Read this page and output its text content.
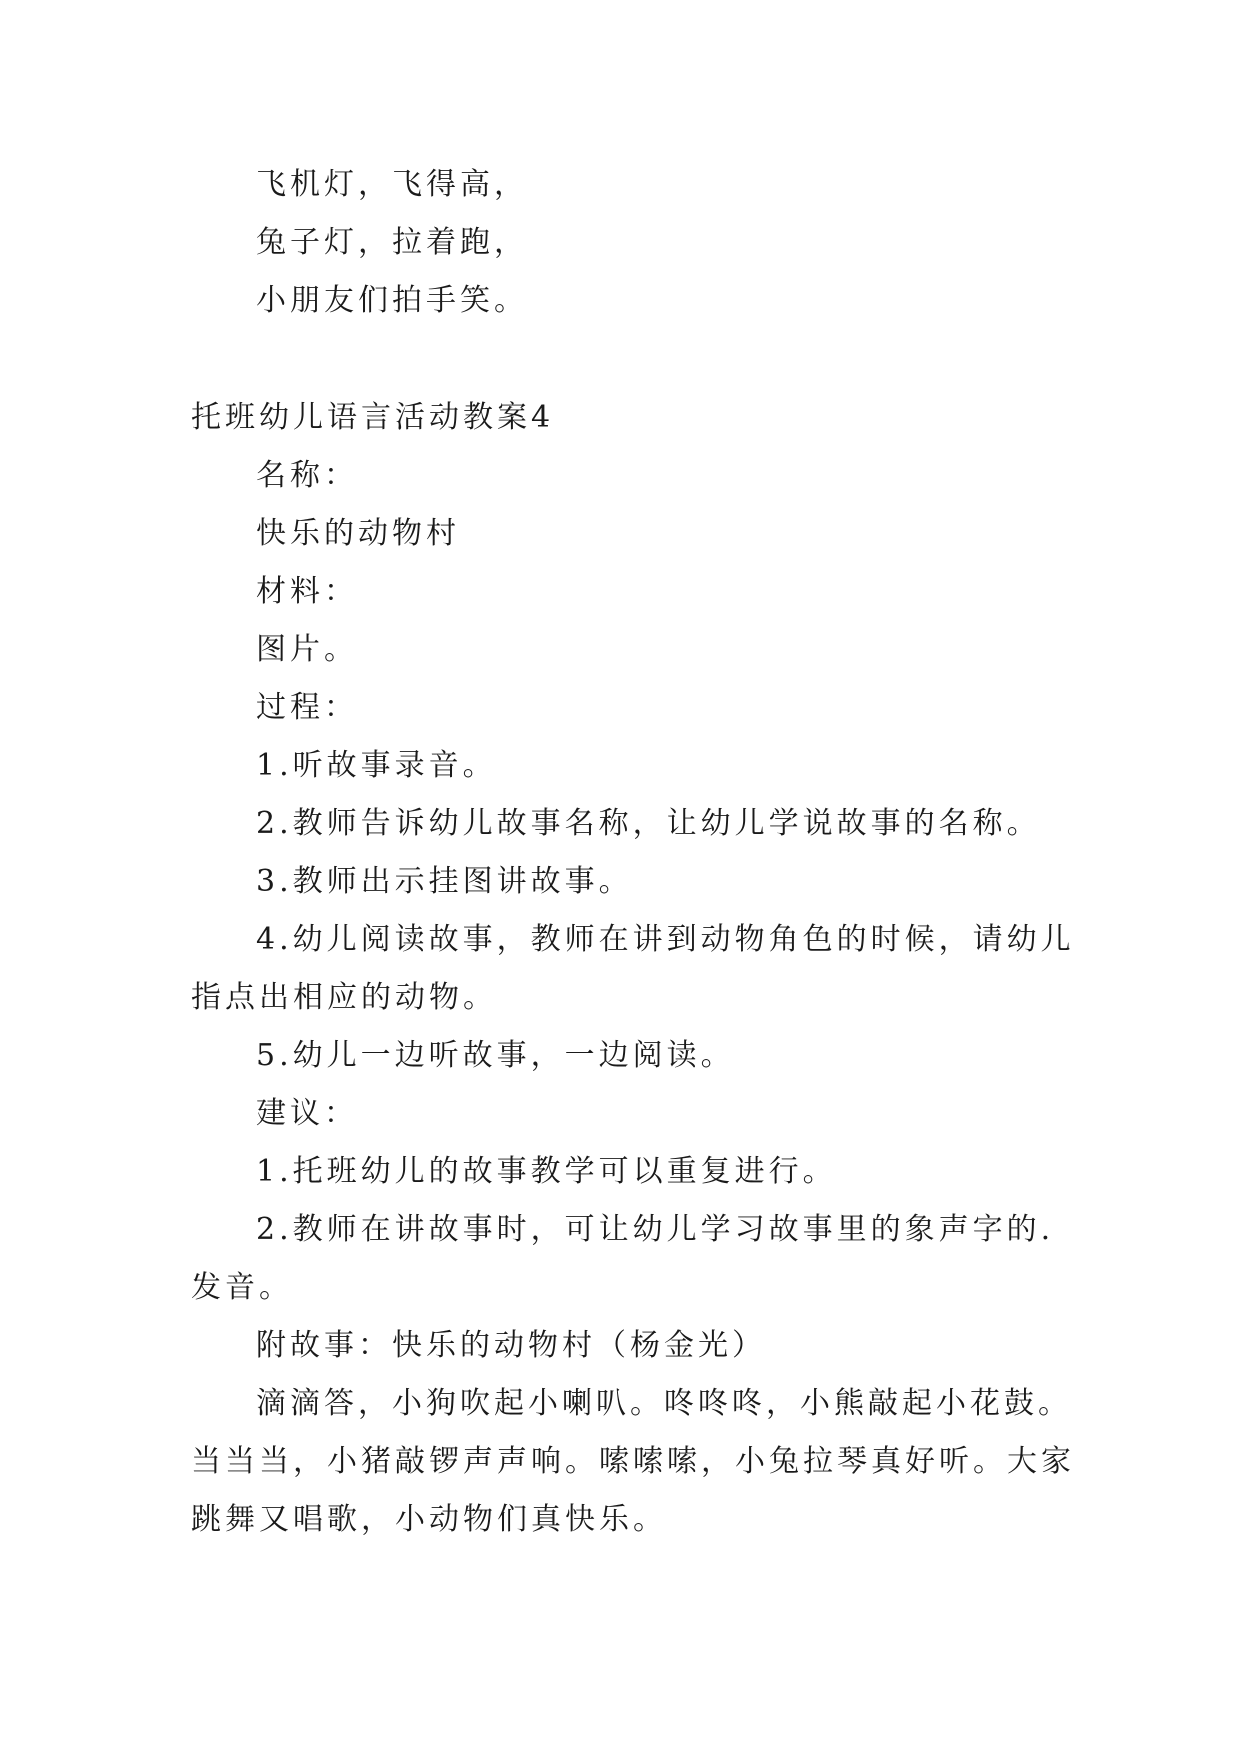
飞机灯，飞得高，
兔子灯，拉着跑，
小朋友们拍手笑。
托班幼儿语言活动教案4
名称：
快乐的动物村
材料：
图片。
过程：
1.听故事录音。
2.教师告诉幼儿故事名称，让幼儿学说故事的名称。
3.教师出示挂图讲故事。
4.幼儿阅读故事，教师在讲到动物角色的时候，请幼儿
指点出相应的动物。
5.幼儿一边听故事，一边阅读。
建议：
1.托班幼儿的故事教学可以重复进行。
2.教师在讲故事时，可让幼儿学习故事里的象声字的.
发音。
附故事：快乐的动物村（杨金光）
滴滴答，小狗吹起小喇叭。咚咚咚，小熊敲起小花鼓。
当当当，小猪敲锣声声响。嗦嗦嗦，小兔拉琴真好听。大家
跳舞又唱歌，小动物们真快乐。
